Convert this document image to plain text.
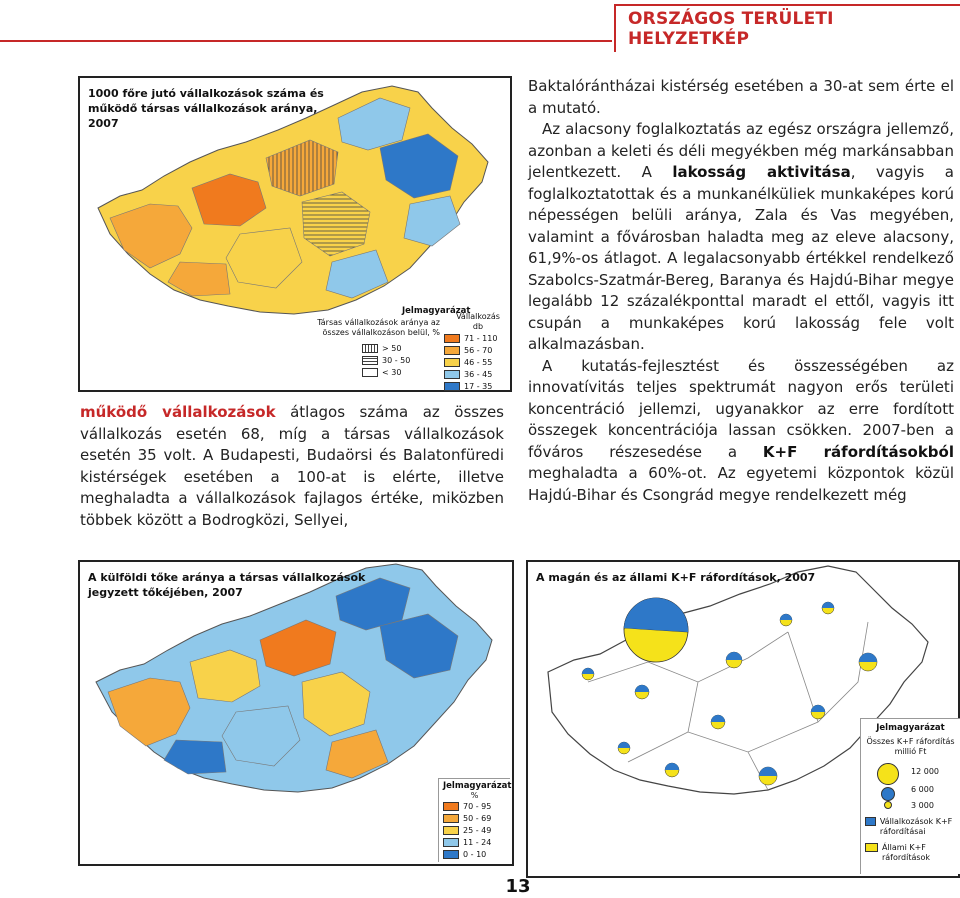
ORSZÁGOS TERÜLETI HELYZETKÉP
1000 főre jutó vállalkozások száma és működő társas vállalkozások aránya, 2007
Jelmagyarázat
Társas vállalkozások aránya az összes vállalkozáson belül, %
> 50
30 - 50
< 30
Vállalkozás db
71 - 110
56 - 70
46 - 55
36 - 45
17 - 35

működő vállalkozások átlagos száma az összes vállalkozás esetén 68, míg a társas vállalkozások esetén 35 volt. A Budapesti, Budaörsi és Balatonfüredi kistérségek esetében a 100-at is elérte, illetve meghaladta a vállalkozások fajlagos értéke, miközben többek között a Bodrogközi, Sellyei,

Baktalórántházai kistérség esetében a 30-at sem érte el a mutató.

Az alacsony foglalkoztatás az egész országra jellemző, azonban a keleti és déli megyékben még markánsabban jelentkezett. A lakosság aktivitása, vagyis a foglalkoztatottak és a munkanélküliek munkaképes korú népességen belüli aránya, Zala és Vas megyében, valamint a fővárosban haladta meg az eleve alacsony, 61,9%-os átlagot. A legalacsonyabb értékkel rendelkező Szabolcs-Szatmár-Bereg, Baranya és Hajdú-Bihar megye legalább 12 százalékponttal maradt el ettől, vagyis itt csupán a munkaképes korú lakosság fele volt alkalmazásban.

A kutatás-fejlesztést és összességében az innovatívitás teljes spektrumát nagyon erős területi koncentráció jellemzi, ugyanakkor az erre fordított összegek koncentrációja lassan csökken. 2007-ben a főváros részesedése a K+F ráfordításokból meghaladta a 60%-ot. Az egyetemi központok közül Hajdú-Bihar és Csongrád megye rendelkezett még

A külföldi tőke aránya a társas vállalkozások jegyzett tőkéjében, 2007
Jelmagyarázat
%
70 - 95
50 - 69
25 - 49
11 - 24
0 - 10
A magán és az állami K+F ráfordítások, 2007
Jelmagyarázat
Összes K+F ráfordítás millió Ft
12 000
6 000
3 000
Vállalkozások K+F ráfordításai
Állami K+F ráfordítások
13
